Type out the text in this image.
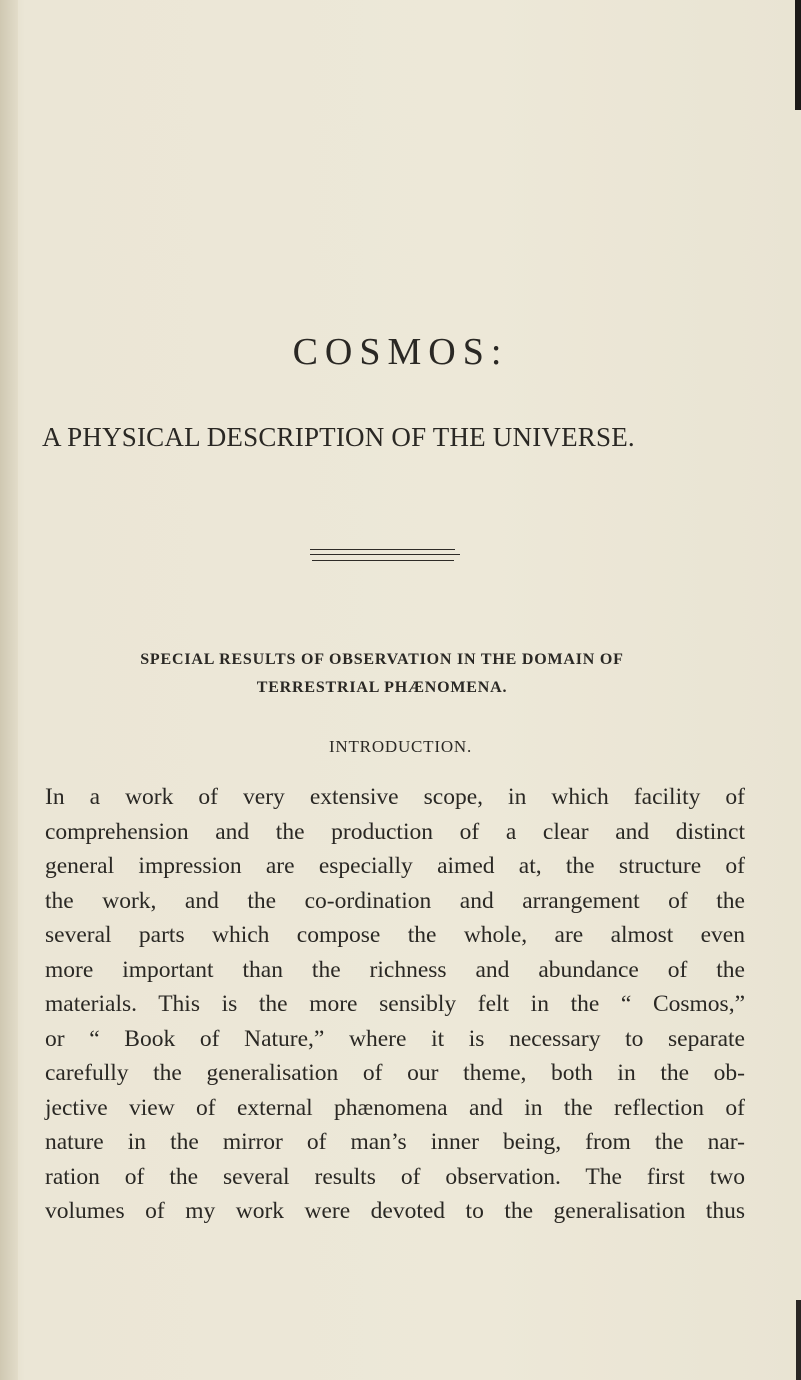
COSMOS:
A PHYSICAL DESCRIPTION OF THE UNIVERSE.
SPECIAL RESULTS OF OBSERVATION IN THE DOMAIN OF
TERRESTRIAL PHÆNOMENA.
INTRODUCTION.
In a work of very extensive scope, in which facility of
comprehension and the production of a clear and distinct
general impression are especially aimed at, the structure of
the work, and the co-ordination and arrangement of the
several parts which compose the whole, are almost even
more important than the richness and abundance of the
materials. This is the more sensibly felt in the “ Cosmos,”
or “ Book of Nature,” where it is necessary to separate
carefully the generalisation of our theme, both in the ob-
jective view of external phænomena and in the reflection of
nature in the mirror of man’s inner being, from the nar-
ration of the several results of observation. The first two
volumes of my work were devoted to the generalisation thus
